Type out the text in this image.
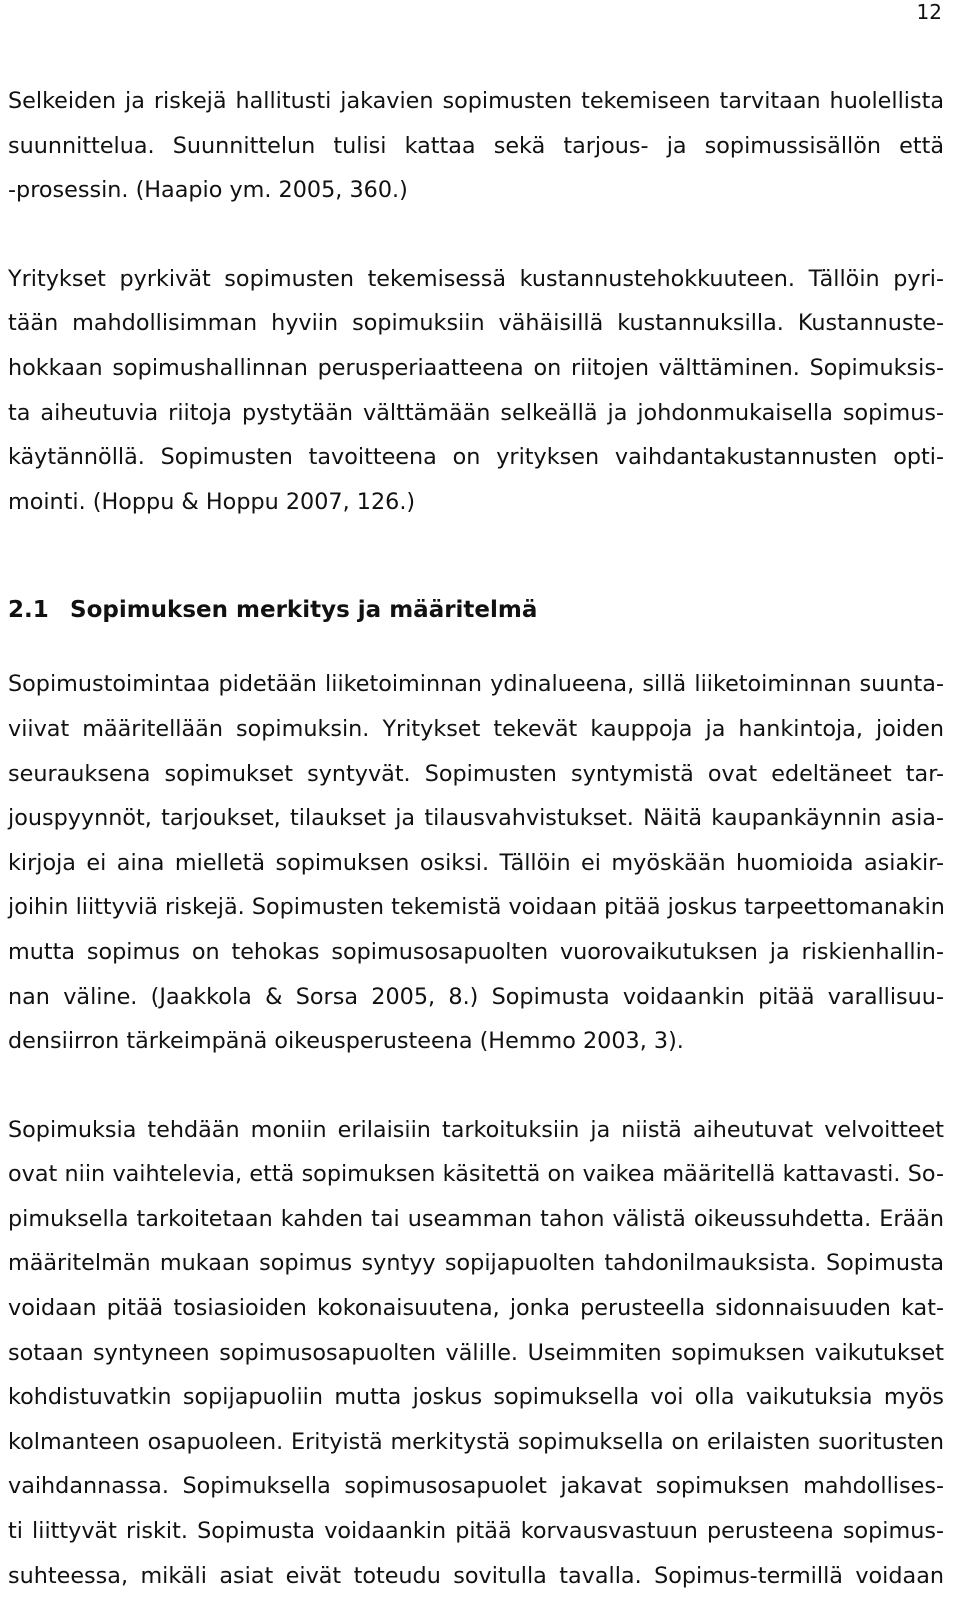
12
Selkeiden ja riskejä hallitusti jakavien sopimusten tekemiseen tarvitaan huolellista
suunnittelua. Suunnittelun tulisi kattaa sekä tarjous- ja sopimussisällön että
-prosessin. (Haapio ym. 2005, 360.)
Yritykset pyrkivät sopimusten tekemisessä kustannustehokkuuteen. Tällöin pyri-
tään mahdollisimman hyviin sopimuksiin vähäisillä kustannuksilla. Kustannuste-
hokkaan sopimushallinnan perusperiaatteena on riitojen välttäminen. Sopimuksis-
ta aiheutuvia riitoja pystytään välttämään selkeällä ja johdonmukaisella sopimus-
käytännöllä. Sopimusten tavoitteena on yrityksen vaihdantakustannusten opti-
mointi. (Hoppu & Hoppu 2007, 126.)
2.1 Sopimuksen merkitys ja määritelmä
Sopimustoimintaa pidetään liiketoiminnan ydinalueena, sillä liiketoiminnan suunta-
viivat määritellään sopimuksin. Yritykset tekevät kauppoja ja hankintoja, joiden
seurauksena sopimukset syntyvät. Sopimusten syntymistä ovat edeltäneet tar-
jouspyynnöt, tarjoukset, tilaukset ja tilausvahvistukset. Näitä kaupankäynnin asia-
kirjoja ei aina mielletä sopimuksen osiksi. Tällöin ei myöskään huomioida asiakir-
joihin liittyviä riskejä. Sopimusten tekemistä voidaan pitää joskus tarpeettomanakin
mutta sopimus on tehokas sopimusosapuolten vuorovaikutuksen ja riskienhallin-
nan väline. (Jaakkola & Sorsa 2005, 8.) Sopimusta voidaankin pitää varallisuu-
densiirron tärkeimpänä oikeusperusteena (Hemmo 2003, 3).
Sopimuksia tehdään moniin erilaisiin tarkoituksiin ja niistä aiheutuvat velvoitteet
ovat niin vaihtelevia, että sopimuksen käsitettä on vaikea määritellä kattavasti. So-
pimuksella tarkoitetaan kahden tai useamman tahon välistä oikeussuhdetta. Erään
määritelmän mukaan sopimus syntyy sopijapuolten tahdonilmauksista. Sopimusta
voidaan pitää tosiasioiden kokonaisuutena, jonka perusteella sidonnaisuuden kat-
sotaan syntyneen sopimusosapuolten välille. Useimmiten sopimuksen vaikutukset
kohdistuvatkin sopijapuoliin mutta joskus sopimuksella voi olla vaikutuksia myös
kolmanteen osapuoleen. Erityistä merkitystä sopimuksella on erilaisten suoritusten
vaihdannassa. Sopimuksella sopimusosapuolet jakavat sopimuksen mahdollises-
ti liittyvät riskit. Sopimusta voidaankin pitää korvausvastuun perusteena sopimus-
suhteessa, mikäli asiat eivät toteudu sovitulla tavalla. Sopimus-termillä voidaan
